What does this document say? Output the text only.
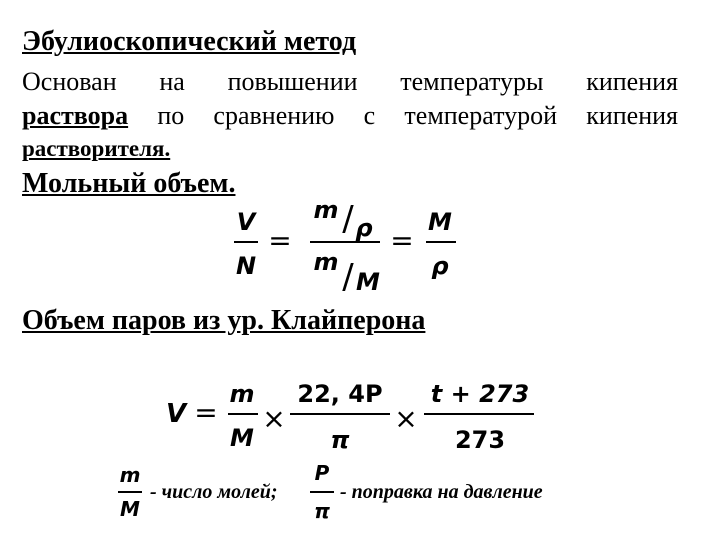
Эбулиоскопический метод
Основан на повышении температуры кипения
раствора по сравнению с температурой кипения
растворителя.
Мольный объем.
V
N
=
m / ρ
m / M
=
M
ρ
Объем паров из ур. Клайперона
V =
m
M
×
22, 4P
π
×
t + 273
273
m
M
- число молей;
P
π
- поправка на давление
